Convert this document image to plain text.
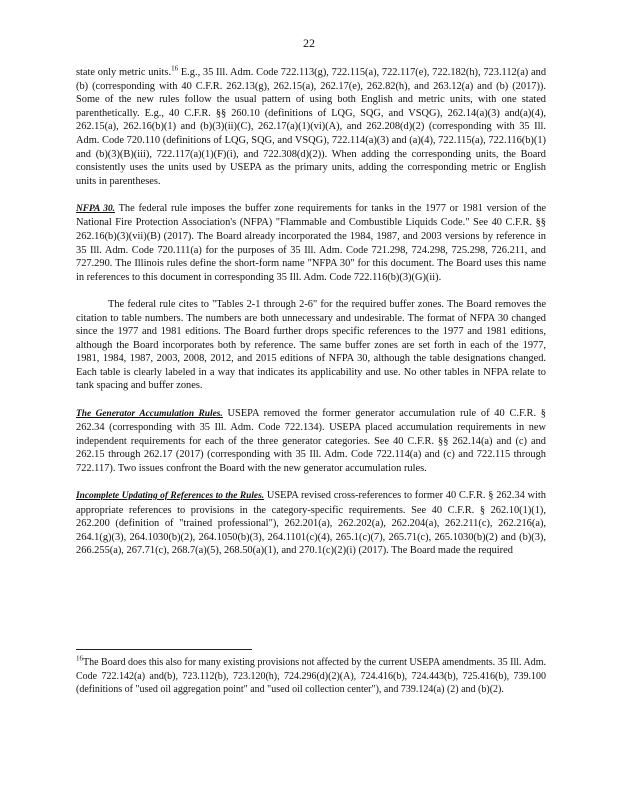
22

state only metric units.$^{16}$ E.g., 35 Ill. Adm. Code 722.113(g), 722.115(a), 722.117(e), 722.182(h), 723.112(a) and (b) (corresponding with 40 C.F.R. 262.13(g), 262.15(a), 262.17(e), 262.82(h), and 263.12(a) and (b) (2017)). Some of the new rules follow the usual pattern of using both English and metric units, with one stated parenthetically. E.g., 40 C.F.R. §§ 260.10 (definitions of LQG, SQG, and VSQG), 262.14(a)(3) and(a)(4), 262.15(a), 262.16(b)(1) and (b)(3)(ii)(C), 262.17(a)(1)(vi)(A), and 262.208(d)(2) (corresponding with 35 Ill. Adm. Code 720.110 (definitions of LQG, SQG, and VSQG), 722.114(a)(3) and (a)(4), 722.115(a), 722.116(b)(1) and (b)(3)(B)(iii), 722.117(a)(1)(F)(i), and 722.308(d)(2)). When adding the corresponding units, the Board consistently uses the units used by USEPA as the primary units, adding the corresponding metric or English units in parentheses.

NFPA 30. The federal rule imposes the buffer zone requirements for tanks in the 1977 or 1981 version of the National Fire Protection Association's (NFPA) "Flammable and Combustible Liquids Code." See 40 C.F.R. §§ 262.16(b)(3)(vii)(B) (2017). The Board already incorporated the 1984, 1987, and 2003 versions by reference in 35 Ill. Adm. Code 720.111(a) for the purposes of 35 Ill. Adm. Code 721.298, 724.298, 725.298, 726.211, and 727.290. The Illinois rules define the short-form name "NFPA 30" for this document. The Board uses this name in references to this document in corresponding 35 Ill. Adm. Code 722.116(b)(3)(G)(ii).

The federal rule cites to "Tables 2-1 through 2-6" for the required buffer zones. The Board removes the citation to table numbers. The numbers are both unnecessary and undesirable. The format of NFPA 30 changed since the 1977 and 1981 editions. The Board further drops specific references to the 1977 and 1981 editions, although the Board incorporates both by reference. The same buffer zones are set forth in each of the 1977, 1981, 1984, 1987, 2003, 2008, 2012, and 2015 editions of NFPA 30, although the table designations changed. Each table is clearly labeled in a way that indicates its applicability and use. No other tables in NFPA relate to tank spacing and buffer zones.

The Generator Accumulation Rules. USEPA removed the former generator accumulation rule of 40 C.F.R. § 262.34 (corresponding with 35 Ill. Adm. Code 722.134). USEPA placed accumulation requirements in new independent requirements for each of the three generator categories. See 40 C.F.R. §§ 262.14(a) and (c) and 262.15 through 262.17 (2017) (corresponding with 35 Ill. Adm. Code 722.114(a) and (c) and 722.115 through 722.117). Two issues confront the Board with the new generator accumulation rules.

Incomplete Updating of References to the Rules. USEPA revised cross-references to former 40 C.F.R. § 262.34 with appropriate references to provisions in the category-specific requirements. See 40 C.F.R. § 262.10(1)(1), 262.200 (definition of "trained professional"), 262.201(a), 262.202(a), 262.204(a), 262.211(c), 262.216(a), 264.1(g)(3), 264.1030(b)(2), 264.1050(b)(3), 264.1101(c)(4), 265.1(c)(7), 265.71(c), 265.1030(b)(2) and (b)(3), 266.255(a), 267.71(c), 268.7(a)(5), 268.50(a)(1), and 270.1(c)(2)(i) (2017). The Board made the required

$^{16}$The Board does this also for many existing provisions not affected by the current USEPA amendments. 35 Ill. Adm. Code 722.142(a) and(b), 723.112(b), 723.120(h), 724.296(d)(2)(A), 724.416(b), 724.443(b), 725.416(b), 739.100 (definitions of "used oil aggregation point" and "used oil collection center"), and 739.124(a) (2) and (b)(2).
